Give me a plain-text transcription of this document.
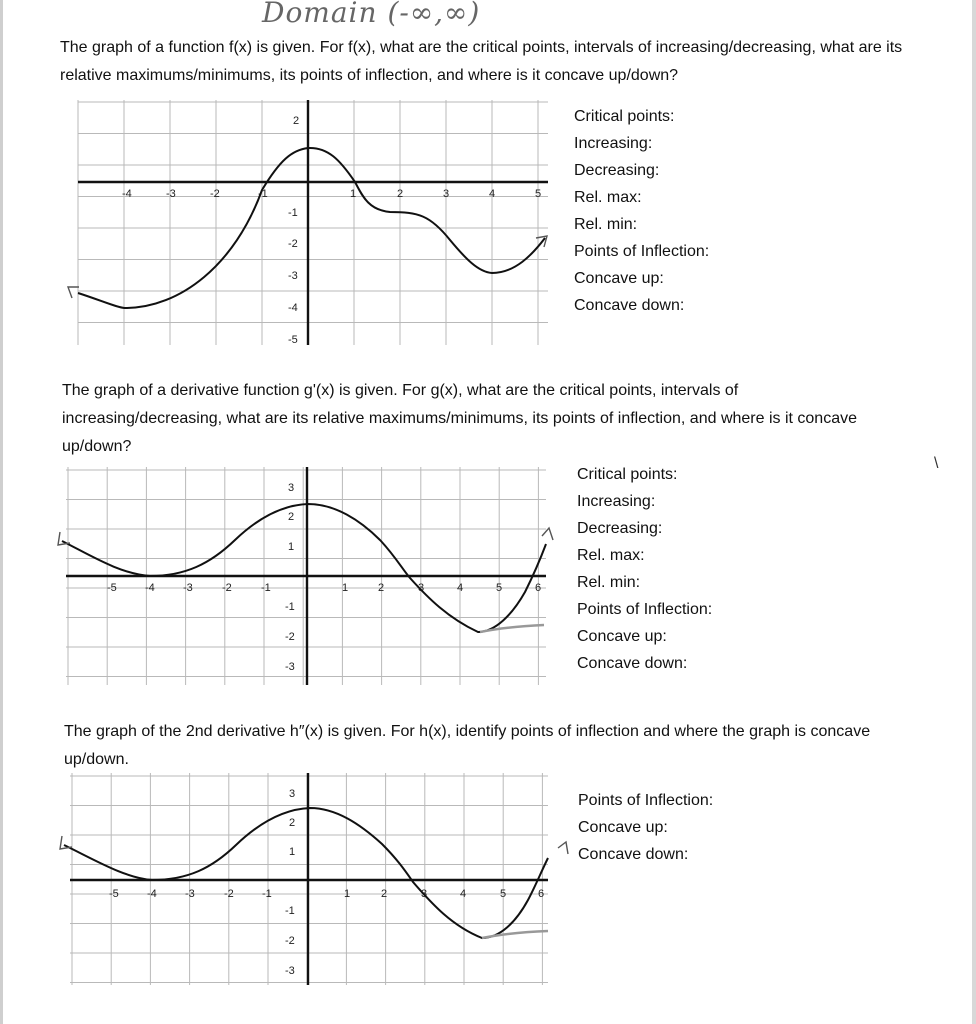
Domain (-∞,∞)
\
The graph of a function f(x) is given. For f(x), what are the critical points, intervals of increasing/decreasing, what are its relative maximums/minimums, its points of inflection, and where is it concave up/down?
Critical points:
Increasing:
Decreasing:
Rel. max:
Rel. min:
Points of Inflection:
Concave up:
Concave down:
The graph of a derivative function g'(x) is given. For g(x), what are the critical points, intervals of increasing/decreasing, what are its relative maximums/minimums, its points of inflection, and where is it concave up/down?
Critical points:
Increasing:
Decreasing:
Rel. max:
Rel. min:
Points of Inflection:
Concave up:
Concave down:
The graph of the 2nd derivative h″(x) is given. For h(x), identify points of inflection and where the graph is concave up/down.
Points of Inflection:
Concave up:
Concave down:
-4	-3	-2	-1	1	2	3	4	5
2
-1
-2
-3
-4
-5
-5	-4	-3	-2	-1	1	2	3	4	5	6
3
2
1
-1
-2
-3
-5	-4	-3	-2	-1	1	2	3	4	5	6
3
2
1
-1
-2
-3
